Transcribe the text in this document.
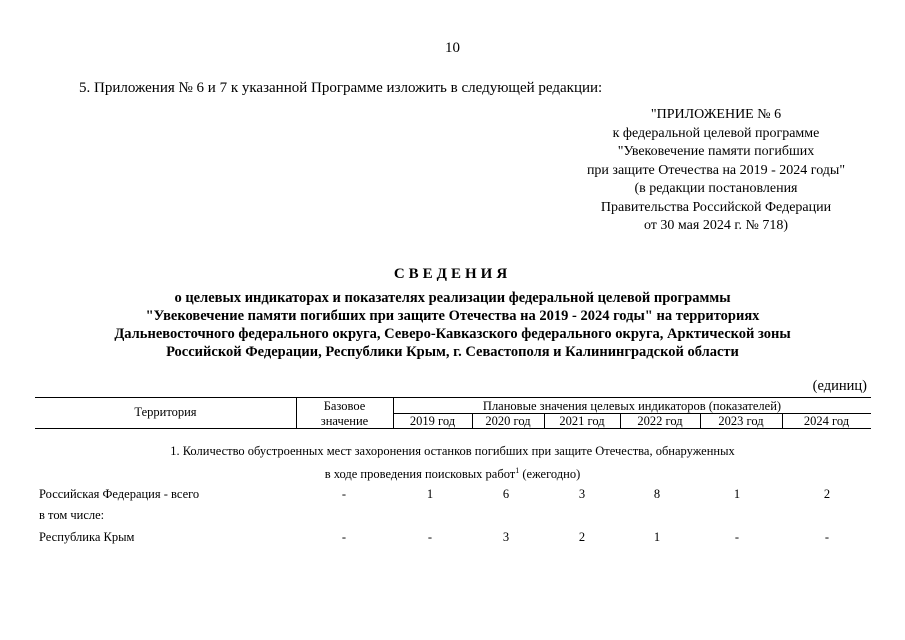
10
5. Приложения № 6 и 7 к указанной Программе изложить в следующей редакции:
"ПРИЛОЖЕНИЕ № 6
к федеральной целевой программе
"Увековечение памяти погибших
при защите Отечества на 2019 - 2024 годы"
(в редакции постановления
Правительства Российской Федерации
от 30 мая 2024 г. № 718)
СВЕДЕНИЯ
о целевых индикаторах и показателях реализации федеральной целевой программы
"Увековечение памяти погибших при защите Отечества на 2019 - 2024 годы" на территориях
Дальневосточного федерального округа, Северо-Кавказского федерального округа, Арктической зоны
Российской Федерации, Республики Крым, г. Севастополя и Калининградской области
(единиц)
Территория	Базовое
значение
Плановые значения целевых индикаторов (показателей)
2019 год	2020 год	2021 год	2022 год	2023 год	2024 год
1. Количество обустроенных мест захоронения останков погибших при защите Отечества, обнаруженных
в ходе проведения поисковых работ$^1$ (ежегодно)
Российская Федерация - всего	-	1	6	3	8	1	2
в том числе:
Республика Крым	-	-	3	2	1	-	-
